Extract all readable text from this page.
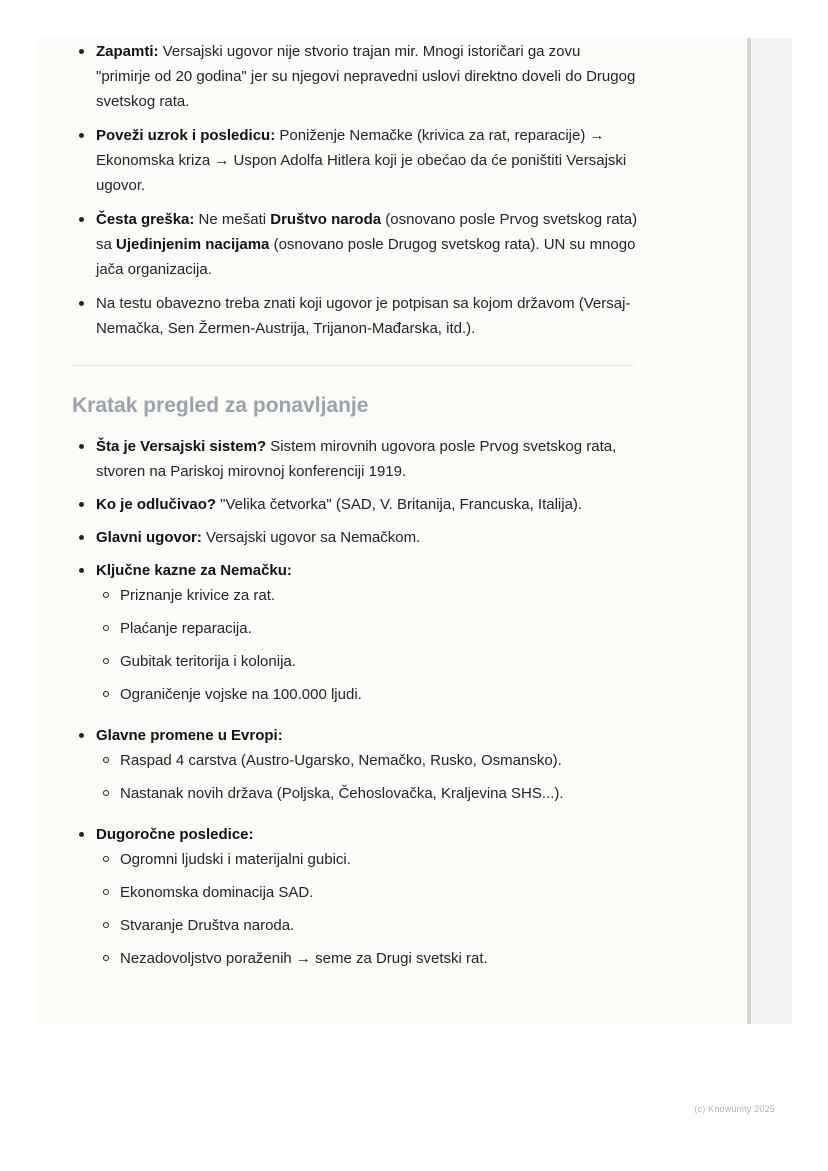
Zapamti: Versajski ugovor nije stvorio trajan mir. Mnogi istoričari ga zovu "primirje od 20 godina" jer su njegovi nepravedni uslovi direktno doveli do Drugog svetskog rata.
Poveži uzrok i posledicu: Poniženje Nemačke (krivica za rat, reparacije) → Ekonomska kriza → Uspon Adolfa Hitlera koji je obećao da će poništiti Versajski ugovor.
Česta greška: Ne mešati Društvo naroda (osnovano posle Prvog svetskog rata) sa Ujedinjenim nacijama (osnovano posle Drugog svetskog rata). UN su mnogo jača organizacija.
Na testu obavezno treba znati koji ugovor je potpisan sa kojom državom (Versaj-Nemačka, Sen Žermen-Austrija, Trijanon-Mađarska, itd.).
Kratak pregled za ponavljanje
Šta je Versajski sistem? Sistem mirovnih ugovora posle Prvog svetskog rata, stvoren na Pariskoj mirovnoj konferenciji 1919.
Ko je odlučivao? "Velika četvorka" (SAD, V. Britanija, Francuska, Italija).
Glavni ugovor: Versajski ugovor sa Nemačkom.
Ključne kazne za Nemačku:
Priznanje krivice za rat.
Plaćanje reparacija.
Gubitak teritorija i kolonija.
Ograničenje vojske na 100.000 ljudi.
Glavne promene u Evropi:
Raspad 4 carstva (Austro-Ugarsko, Nemačko, Rusko, Osmansko).
Nastanak novih država (Poljska, Čehoslovačka, Kraljevina SHS...).
Dugoročne posledice:
Ogromni ljudski i materijalni gubici.
Ekonomska dominacija SAD.
Stvaranje Društva naroda.
Nezadovoljstvo poraženih → seme za Drugi svetski rat.
(c) Knowunity 2025
